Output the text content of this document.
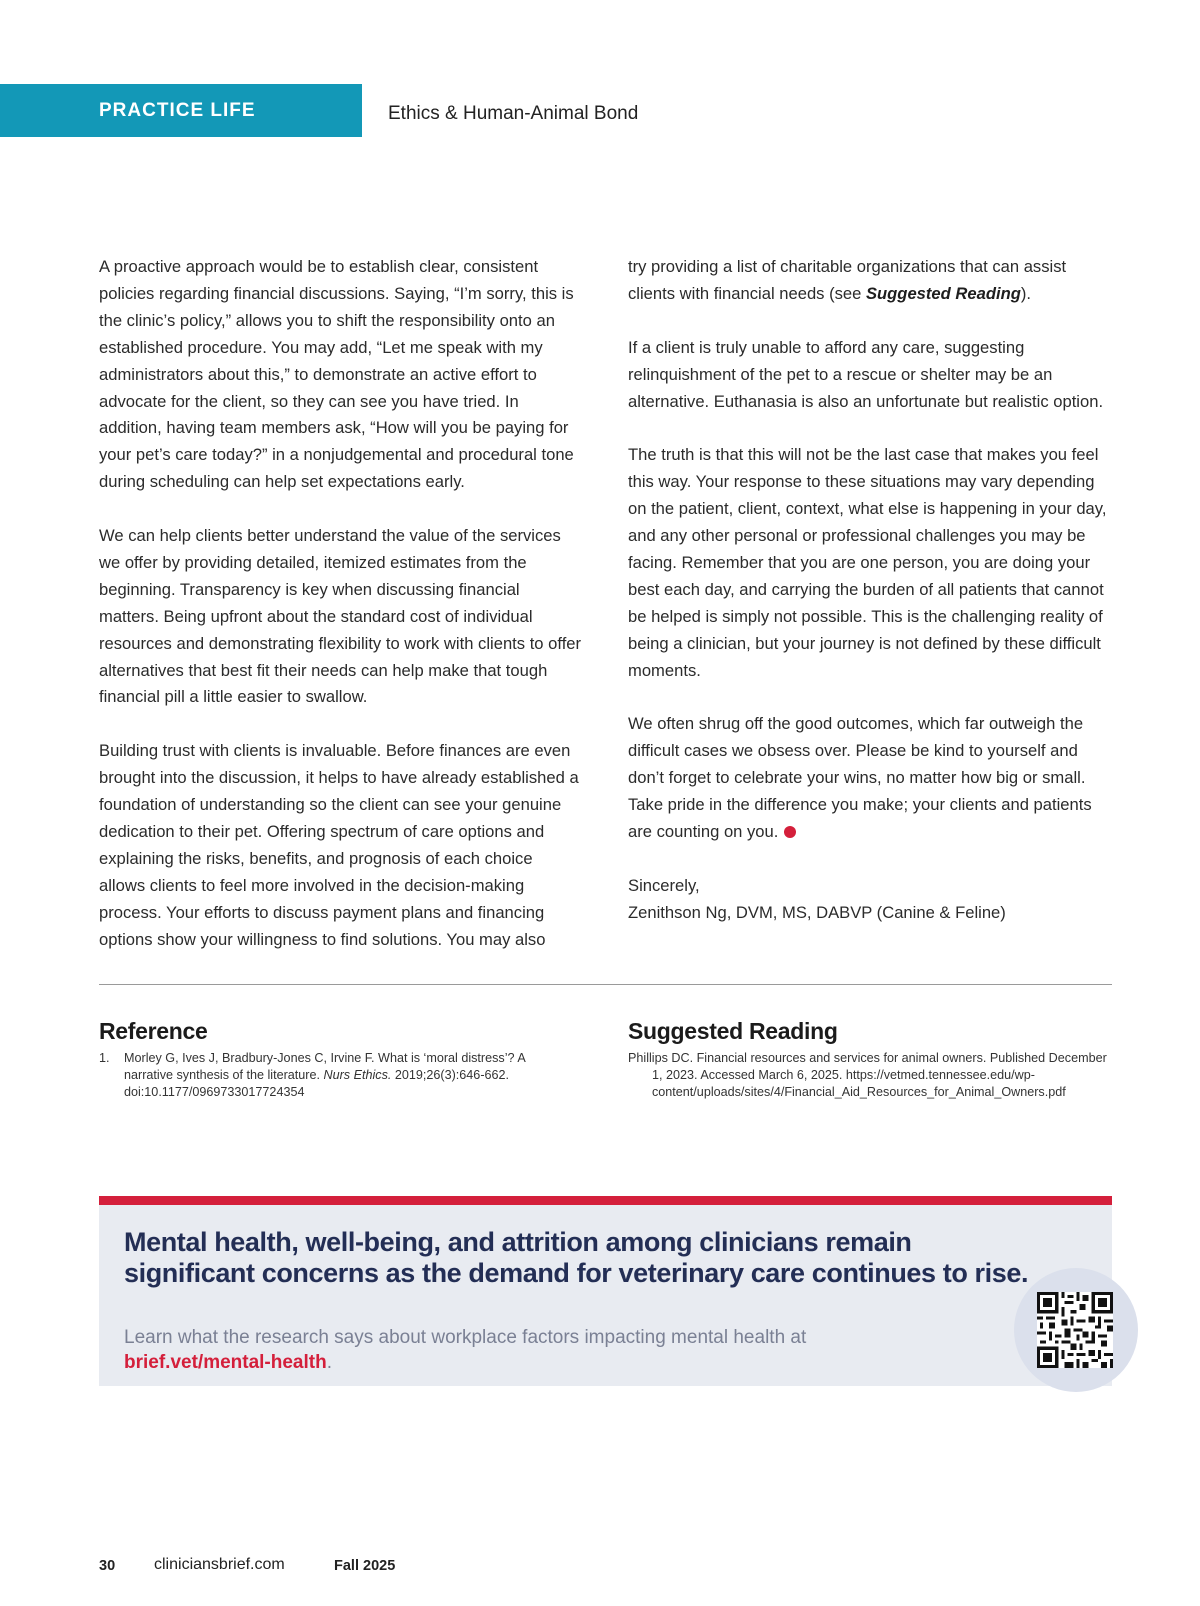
PRACTICE LIFE	Ethics & Human-Animal Bond

A proactive approach would be to establish clear, consistent policies regarding financial discussions. Saying, “I’m sorry, this is the clinic’s policy,” allows you to shift the responsibility onto an established procedure. You may add, “Let me speak with my administrators about this,” to demonstrate an active effort to advocate for the client, so they can see you have tried. In addition, having team members ask, “How will you be paying for your pet’s care today?” in a nonjudgemental and procedural tone during scheduling can help set expectations early.

We can help clients better understand the value of the services we offer by providing detailed, itemized estimates from the beginning. Transparency is key when discussing financial matters. Being upfront about the standard cost of individual resources and demonstrating flexibility to work with clients to offer alternatives that best fit their needs can help make that tough financial pill a little easier to swallow.

Building trust with clients is invaluable. Before finances are even brought into the discussion, it helps to have already established a foundation of understanding so the client can see your genuine dedication to their pet. Offering spectrum of care options and explaining the risks, benefits, and prognosis of each choice allows clients to feel more involved in the decision-making process. Your efforts to discuss payment plans and financing options show your willingness to find solutions. You may also

try providing a list of charitable organizations that can assist clients with financial needs (see Suggested Reading).

If a client is truly unable to afford any care, suggesting relinquishment of the pet to a rescue or shelter may be an alternative. Euthanasia is also an unfortunate but realistic option.

The truth is that this will not be the last case that makes you feel this way. Your response to these situations may vary depending on the patient, client, context, what else is happening in your day, and any other personal or professional challenges you may be facing. Remember that you are one person, you are doing your best each day, and carrying the burden of all patients that cannot be helped is simply not possible. This is the challenging reality of being a clinician, but your journey is not defined by these difficult moments.

We often shrug off the good outcomes, which far outweigh the difficult cases we obsess over. Please be kind to yourself and don’t forget to celebrate your wins, no matter how big or small. Take pride in the difference you make; your clients and patients are counting on you.

Sincerely,
Zenithson Ng, DVM, MS, DABVP (Canine & Feline)

Reference
1. Morley G, Ives J, Bradbury-Jones C, Irvine F. What is ‘moral distress’? A narrative synthesis of the literature. Nurs Ethics. 2019;26(3):646-662. doi:10.1177/0969733017724354
Suggested Reading

Phillips DC. Financial resources and services for animal owners. Published December 1, 2023. Accessed March 6, 2025. https://vetmed.tennessee.edu/wp-content/uploads/sites/4/Financial_Aid_Resources_for_Animal_Owners.pdf

Mental health, well-being, and attrition among clinicians remain significant concerns as the demand for veterinary care continues to rise.
Learn what the research says about workplace factors impacting mental health at
brief.vet/mental-health.
30 cliniciansbrief.com	Fall 2025
